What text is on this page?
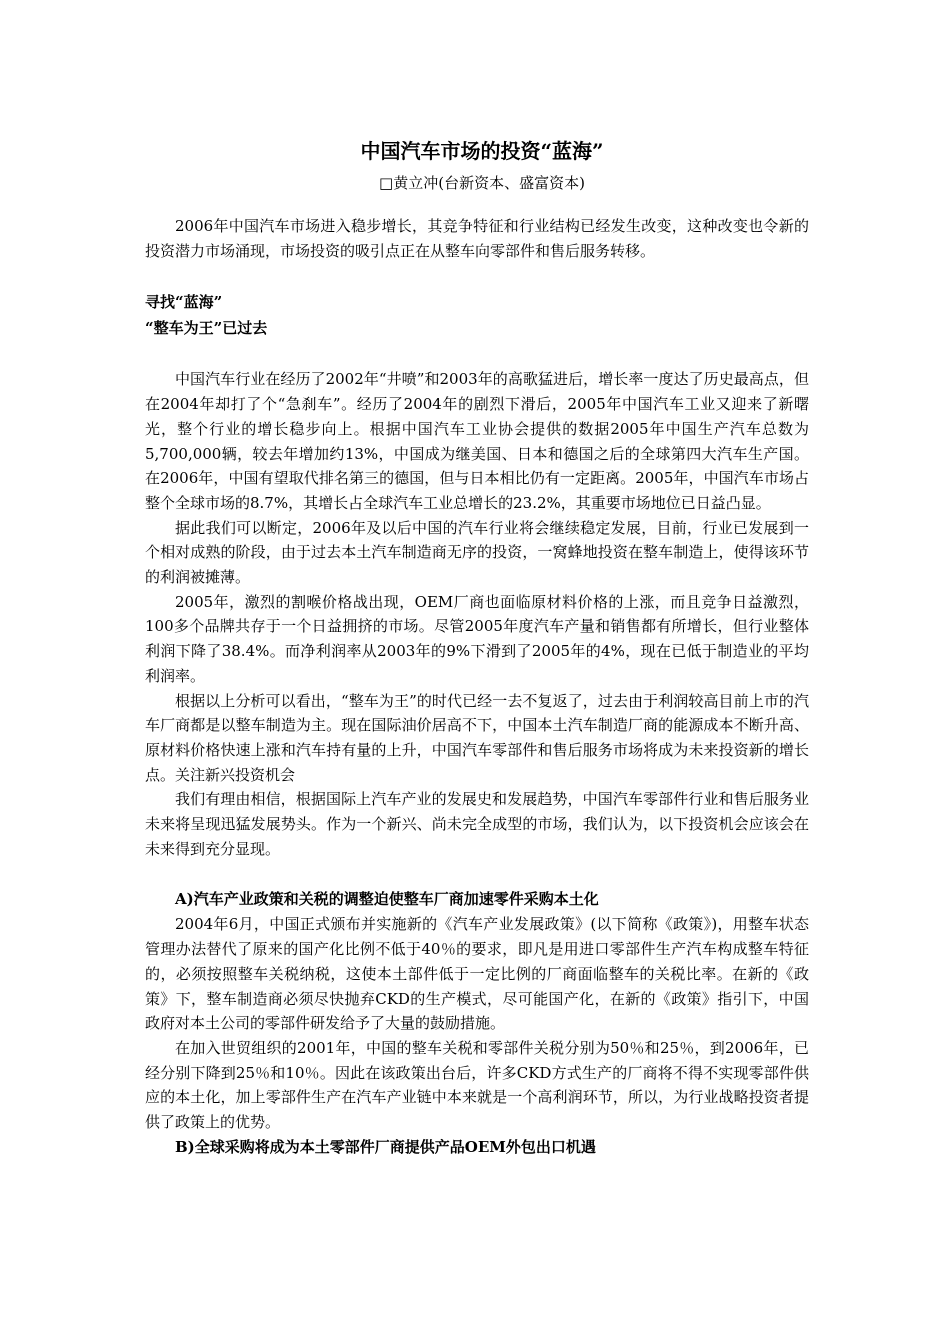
中国汽车市场的投资“蓝海”

□黄立冲(台新资本、盛富资本)

2006年中国汽车市场进入稳步增长，其竞争特征和行业结构已经发生改变，这种改变也令新的投资潜力市场涌现，市场投资的吸引点正在从整车向零部件和售后服务转移。

寻找“蓝海”

“整车为王”已过去

中国汽车行业在经历了2002年“井喷”和2003年的高歌猛进后，增长率一度达了历史最高点，但在2004年却打了个“急刹车”。经历了2004年的剧烈下滑后，2005年中国汽车工业又迎来了新曙光，整个行业的增长稳步向上。根据中国汽车工业协会提供的数据2005年中国生产汽车总数为5,700,000辆，较去年增加约13%，中国成为继美国、日本和德国之后的全球第四大汽车生产国。在2006年，中国有望取代排名第三的德国，但与日本相比仍有一定距离。2005年，中国汽车市场占整个全球市场的8.7%，其增长占全球汽车工业总增长的23.2%，其重要市场地位已日益凸显。

据此我们可以断定，2006年及以后中国的汽车行业将会继续稳定发展，目前，行业已发展到一个相对成熟的阶段，由于过去本土汽车制造商无序的投资，一窝蜂地投资在整车制造上，使得该环节的利润被摊薄。

2005年，激烈的割喉价格战出现，OEM厂商也面临原材料价格的上涨，而且竞争日益激烈，100多个品牌共存于一个日益拥挤的市场。尽管2005年度汽车产量和销售都有所增长，但行业整体利润下降了38.4%。而净利润率从2003年的9%下滑到了2005年的4%，现在已低于制造业的平均利润率。

根据以上分析可以看出，“整车为王”的时代已经一去不复返了，过去由于利润较高目前上市的汽车厂商都是以整车制造为主。现在国际油价居高不下，中国本土汽车制造厂商的能源成本不断升高、原材料价格快速上涨和汽车持有量的上升，中国汽车零部件和售后服务市场将成为未来投资新的增长点。关注新兴投资机会

我们有理由相信，根据国际上汽车产业的发展史和发展趋势，中国汽车零部件行业和售后服务业未来将呈现迅猛发展势头。作为一个新兴、尚未完全成型的市场，我们认为，以下投资机会应该会在未来得到充分显现。

A)汽车产业政策和关税的调整迫使整车厂商加速零件采购本土化

2004年6月，中国正式颁布并实施新的《汽车产业发展政策》(以下简称《政策》)，用整车状态管理办法替代了原来的国产化比例不低于40％的要求，即凡是用进口零部件生产汽车构成整车特征的，必须按照整车关税纳税，这使本土部件低于一定比例的厂商面临整车的关税比率。在新的《政策》下，整车制造商必须尽快抛弃CKD的生产模式，尽可能国产化，在新的《政策》指引下，中国政府对本土公司的零部件研发给予了大量的鼓励措施。

在加入世贸组织的2001年，中国的整车关税和零部件关税分别为50％和25％，到2006年，已经分别下降到25％和10％。因此在该政策出台后，许多CKD方式生产的厂商将不得不实现零部件供应的本土化，加上零部件生产在汽车产业链中本来就是一个高利润环节，所以，为行业战略投资者提供了政策上的优势。

B)全球采购将成为本土零部件厂商提供产品OEM外包出口机遇
